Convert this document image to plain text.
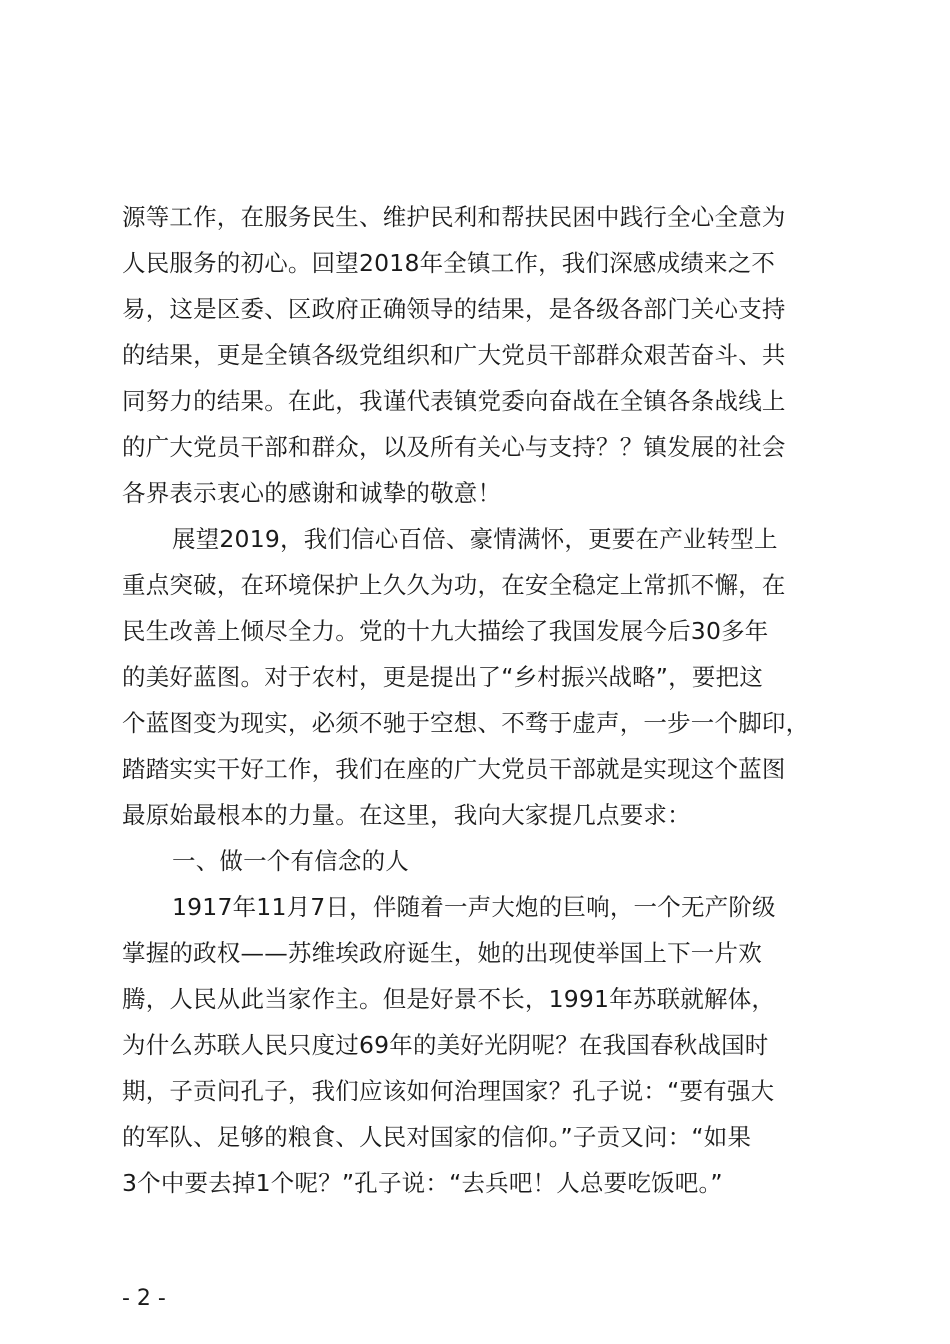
源等工作，在服务民生、维护民利和帮扶民困中践行全心全意为
人民服务的初心。回望2018年全镇工作，我们深感成绩来之不
易，这是区委、区政府正确领导的结果，是各级各部门关心支持
的结果，更是全镇各级党组织和广大党员干部群众艰苦奋斗、共
同努力的结果。在此，我谨代表镇党委向奋战在全镇各条战线上
的广大党员干部和群众，以及所有关心与支持？？镇发展的社会
各界表示衷心的感谢和诚挚的敬意！
展望2019，我们信心百倍、豪情满怀，更要在产业转型上
重点突破，在环境保护上久久为功，在安全稳定上常抓不懈，在
民生改善上倾尽全力。党的十九大描绘了我国发展今后30多年
的美好蓝图。对于农村，更是提出了“乡村振兴战略”，要把这
个蓝图变为现实，必须不驰于空想、不骛于虚声，一步一个脚印，
踏踏实实干好工作，我们在座的广大党员干部就是实现这个蓝图
最原始最根本的力量。在这里，我向大家提几点要求：
一、做一个有信念的人
1917年11月7日，伴随着一声大炮的巨响，一个无产阶级
掌握的政权——苏维埃政府诞生，她的出现使举国上下一片欢
腾，人民从此当家作主。但是好景不长，1991年苏联就解体，
为什么苏联人民只度过69年的美好光阴呢？在我国春秋战国时
期，子贡问孔子，我们应该如何治理国家？孔子说：“要有强大
的军队、足够的粮食、人民对国家的信仰。”子贡又问：“如果
3个中要去掉1个呢？”孔子说：“去兵吧！人总要吃饭吧。”
- 2 -
